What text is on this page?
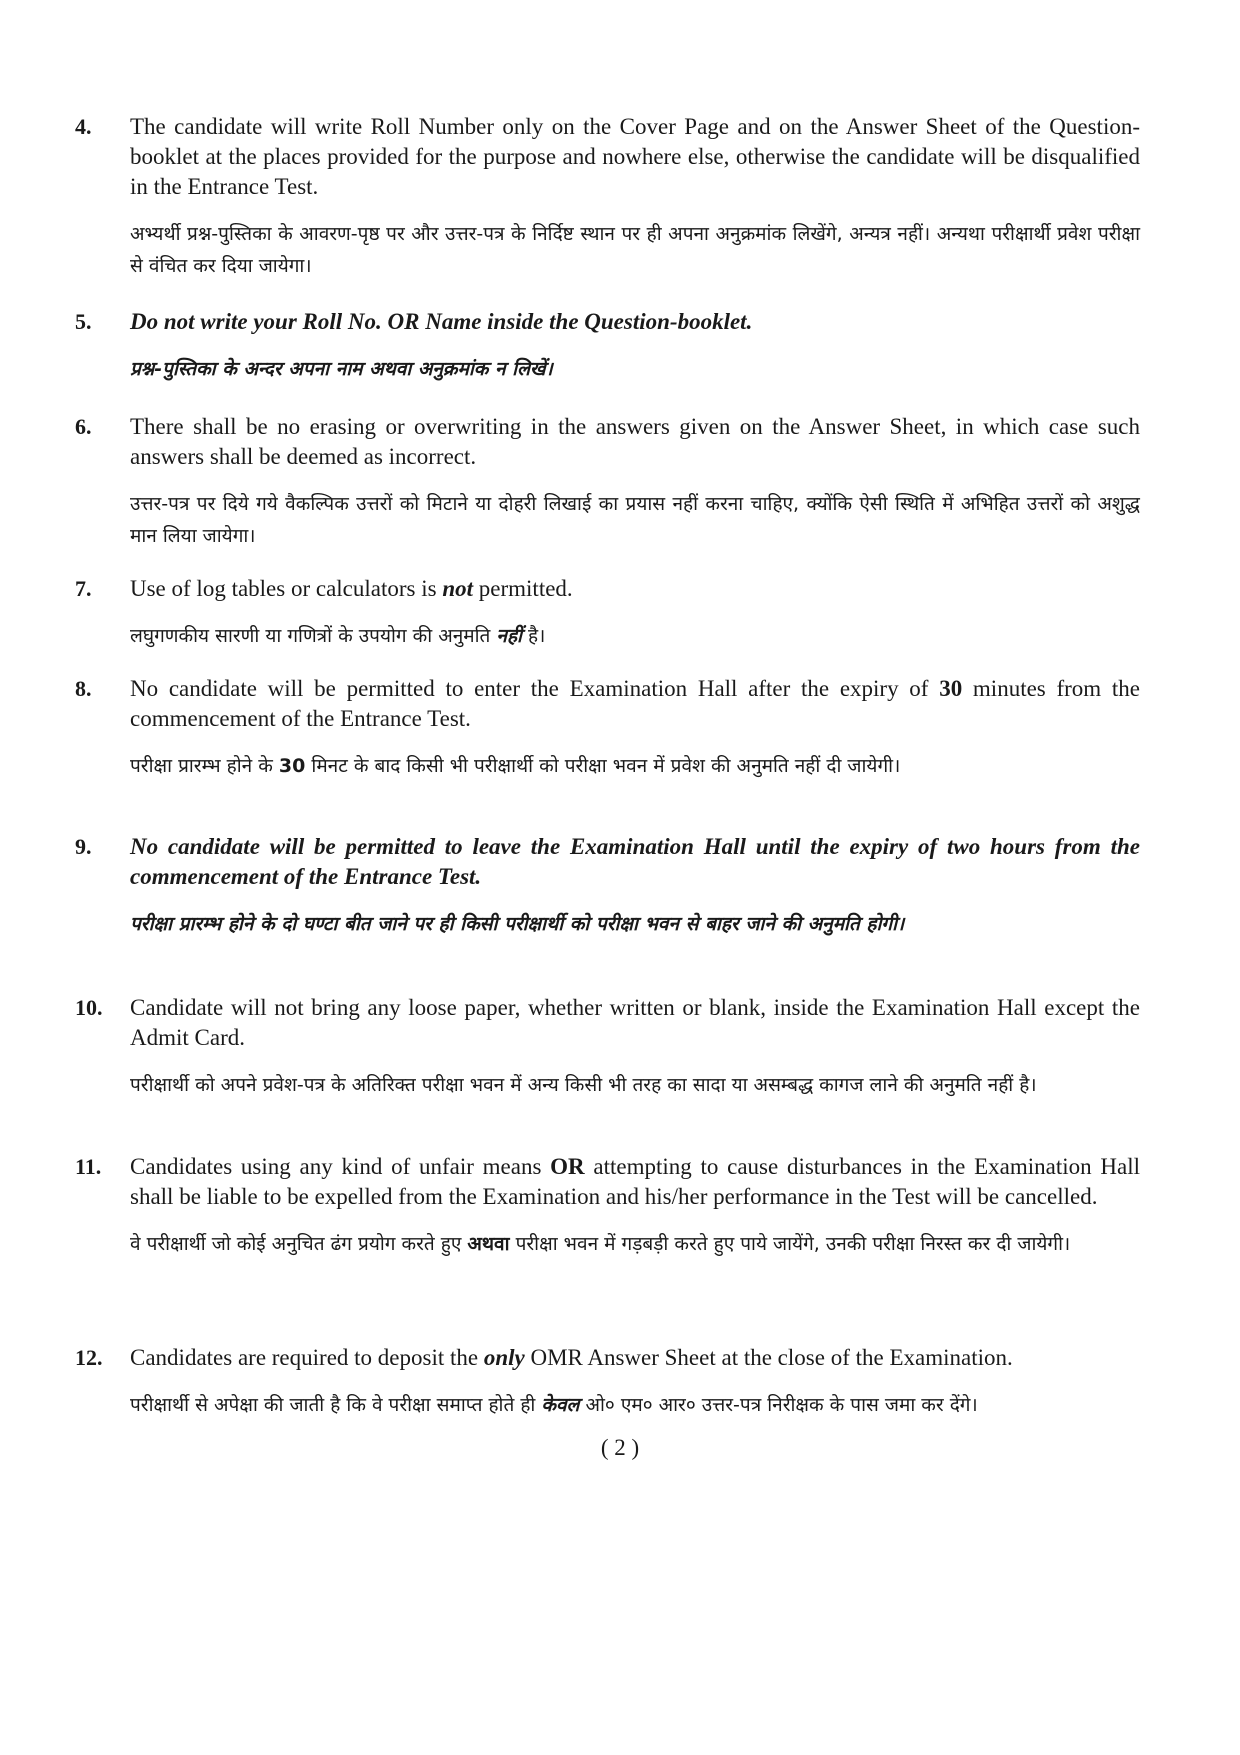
4.	The candidate will write Roll Number only on the Cover Page and on the Answer Sheet of the Question-booklet at the places provided for the purpose and nowhere else, otherwise the candidate will be disqualified in the Entrance Test.
अभ्यर्थी प्रश्न-पुस्तिका के आवरण-पृष्ठ पर और उत्तर-पत्र के निर्दिष्ट स्थान पर ही अपना अनुक्रमांक लिखेंगे, अन्यत्र नहीं। अन्यथा परीक्षार्थी प्रवेश परीक्षा से वंचित कर दिया जायेगा।
5.	Do not write your Roll No. OR Name inside the Question-booklet.
प्रश्न-पुस्तिका के अन्दर अपना नाम अथवा अनुक्रमांक न लिखें।
6.	There shall be no erasing or overwriting in the answers given on the Answer Sheet, in which case such answers shall be deemed as incorrect.
उत्तर-पत्र पर दिये गये वैकल्पिक उत्तरों को मिटाने या दोहरी लिखाई का प्रयास नहीं करना चाहिए, क्योंकि ऐसी स्थिति में अभिहित उत्तरों को अशुद्ध मान लिया जायेगा।
7.	Use of log tables or calculators is not permitted.
लघुगणकीय सारणी या गणित्रों के उपयोग की अनुमति नहीं है।
8.	No candidate will be permitted to enter the Examination Hall after the expiry of 30 minutes from the commencement of the Entrance Test.
परीक्षा प्रारम्भ होने के 30 मिनट के बाद किसी भी परीक्षार्थी को परीक्षा भवन में प्रवेश की अनुमति नहीं दी जायेगी।
9.	No candidate will be permitted to leave the Examination Hall until the expiry of two hours from the commencement of the Entrance Test.
परीक्षा प्रारम्भ होने के दो घण्टा बीत जाने पर ही किसी परीक्षार्थी को परीक्षा भवन से बाहर जाने की अनुमति होगी।
10.	Candidate will not bring any loose paper, whether written or blank, inside the Examination Hall except the Admit Card.
परीक्षार्थी को अपने प्रवेश-पत्र के अतिरिक्त परीक्षा भवन में अन्य किसी भी तरह का सादा या असम्बद्ध कागज लाने की अनुमति नहीं है।
11.	Candidates using any kind of unfair means OR attempting to cause disturbances in the Examination Hall shall be liable to be expelled from the Examination and his/her performance in the Test will be cancelled.
वे परीक्षार्थी जो कोई अनुचित ढंग प्रयोग करते हुए अथवा परीक्षा भवन में गड़बड़ी करते हुए पाये जायेंगे, उनकी परीक्षा निरस्त कर दी जायेगी।
12.	Candidates are required to deposit the only OMR Answer Sheet at the close of the Examination.
परीक्षार्थी से अपेक्षा की जाती है कि वे परीक्षा समाप्त होते ही केवल ओ० एम० आर० उत्तर-पत्र निरीक्षक के पास जमा कर देंगे।
( 2 )
